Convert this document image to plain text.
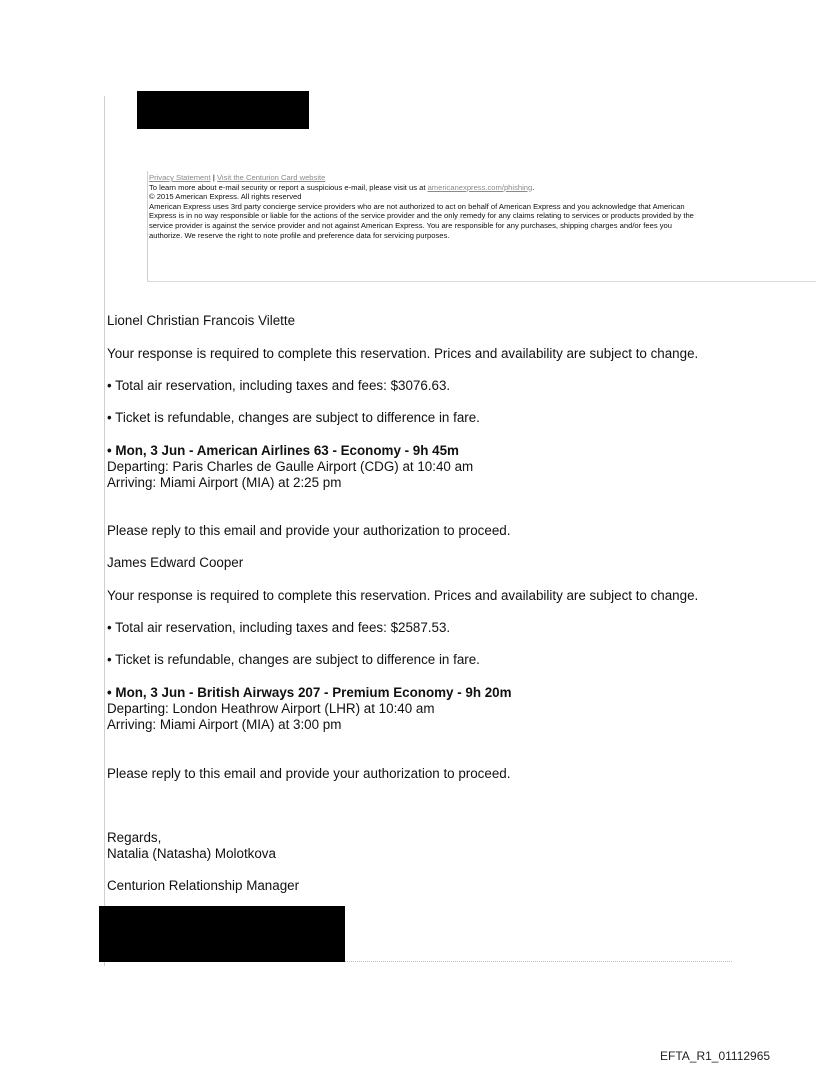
Privacy Statement | Visit the Centurion Card website
To learn more about e-mail security or report a suspicious e-mail, please visit us at americanexpress.com/phishing.
© 2015 American Express. All rights reserved
American Express uses 3rd party concierge service providers who are not authorized to act on behalf of American Express and you acknowledge that American
Express is in no way responsible or liable for the actions of the service provider and the only remedy for any claims relating to services or products provided by the
service provider is against the service provider and not against American Express. You are responsible for any purchases, shipping charges and/or fees you
authorize. We reserve the right to note profile and preference data for servicing purposes.
Lionel Christian Francois Vilette
Your response is required to complete this reservation. Prices and availability are subject to change.
• Total air reservation, including taxes and fees: $3076.63.
• Ticket is refundable, changes are subject to difference in fare.
• Mon, 3 Jun - American Airlines 63 - Economy - 9h 45m
Departing: Paris Charles de Gaulle Airport (CDG) at 10:40 am
Arriving: Miami Airport (MIA) at 2:25 pm
Please reply to this email and provide your authorization to proceed.
James Edward Cooper
Your response is required to complete this reservation. Prices and availability are subject to change.
• Total air reservation, including taxes and fees: $2587.53.
• Ticket is refundable, changes are subject to difference in fare.
• Mon, 3 Jun - British Airways 207 - Premium Economy - 9h 20m
Departing: London Heathrow Airport (LHR) at 10:40 am
Arriving: Miami Airport (MIA) at 3:00 pm
Please reply to this email and provide your authorization to proceed.
Regards,
Natalia (Natasha) Molotkova
Centurion Relationship Manager
EFTA_R1_01112965
